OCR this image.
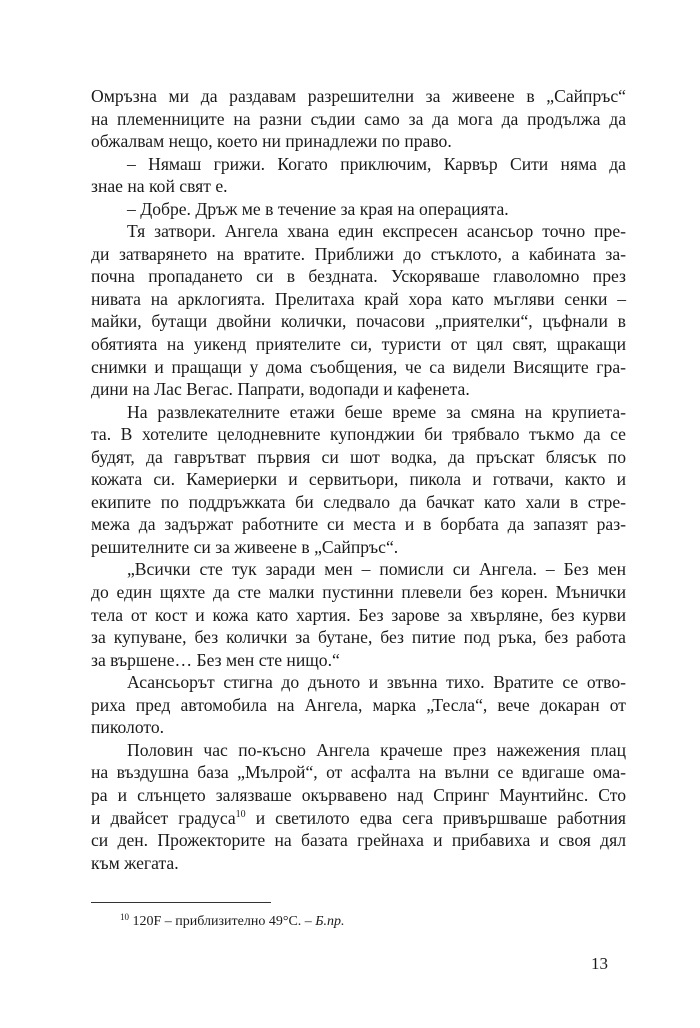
Омръзна ми да раздавам разрешителни за живеене в „Сайпръс“
на племенниците на разни съдии само за да мога да продължа да
обжалвам нещо, което ни принадлежи по право.
– Нямаш грижи. Когато приключим, Карвър Сити няма да
знае на кой свят е.
– Добре. Дръж ме в течение за края на операцията.
Тя затвори. Ангела хвана един експресен асансьор точно пре-
ди затварянето на вратите. Приближи до стъклото, а кабината за-
почна пропадането си в бездната. Ускоряваше главоломно през
нивата на арклогията. Прелитаха край хора като мъгляви сенки –
майки, бутащи двойни колички, почасови „приятелки“, цъфнали в
обятията на уикенд приятелите си, туристи от цял свят, щракащи
снимки и пращащи у дома съобщения, че са видели Висящите гра-
дини на Лас Вегас. Папрати, водопади и кафенета.
На развлекателните етажи беше време за смяна на крупиета-
та. В хотелите целодневните купонджии би трябвало тъкмо да се
будят, да гаврътват първия си шот водка, да пръскат блясък по
кожата си. Камериерки и сервитьори, пикола и готвачи, както и
екипите по поддръжката би следвало да бачкат като хали в стре-
межа да задържат работните си места и в борбата да запазят раз-
решителните си за живеене в „Сайпръс“.
„Всички сте тук заради мен – помисли си Ангела. – Без мен
до един щяхте да сте малки пустинни плевели без корен. Мънички
тела от кост и кожа като хартия. Без зарове за хвърляне, без курви
за купуване, без колички за бутане, без питие под ръка, без работа
за вършене… Без мен сте нищо.“
Асансьорът стигна до дъното и звънна тихо. Вратите се отво-
риха пред автомобила на Ангела, марка „Тесла“, вече докаран от
пиколото.
Половин час по-късно Ангела крачеше през нажежения плац
на въздушна база „Мълрой“, от асфалта на вълни се вдигаше ома-
ра и слънцето залязваше окървавено над Спринг Маунтийнс. Сто
и двайсет градуса$^{10}$ и светилото едва сега привършваше работния
си ден. Прожекторите на базата грейнаха и прибавиха и своя дял
към жегата.
$^{10}$ 120F – приблизително 49°С. – Б.пр.
13
